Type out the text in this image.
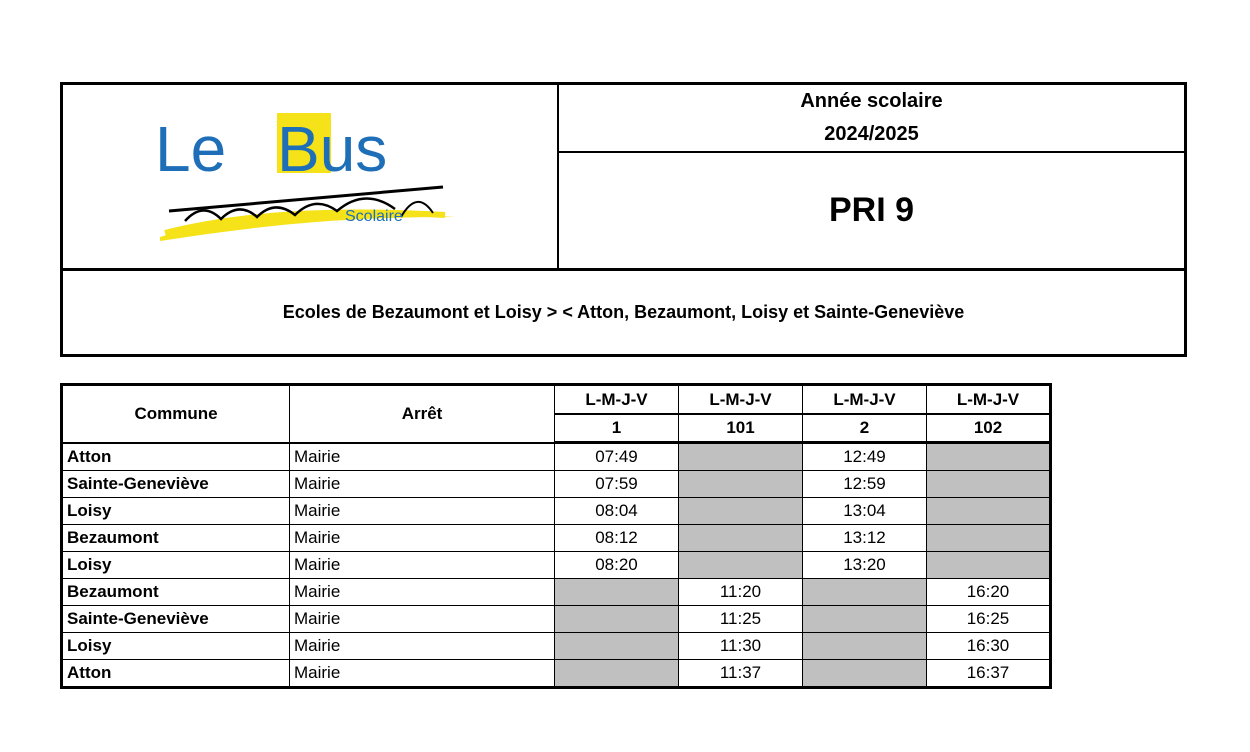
Le Bus
Scolaire
Année scolaire
2024/2025
PRI 9
Ecoles de Bezaumont et Loisy > < Atton, Bezaumont, Loisy et Sainte-Geneviève
Commune	Arrêt	L-M-J-V	L-M-J-V	L-M-J-V	L-M-J-V
		1	101	2	102
Atton	Mairie	07:49		12:49	
Sainte-Geneviève	Mairie	07:59		12:59	
Loisy	Mairie	08:04		13:04	
Bezaumont	Mairie	08:12		13:12	
Loisy	Mairie	08:20		13:20	
Bezaumont	Mairie		11:20		16:20
Sainte-Geneviève	Mairie		11:25		16:25
Loisy	Mairie		11:30		16:30
Atton	Mairie		11:37		16:37
